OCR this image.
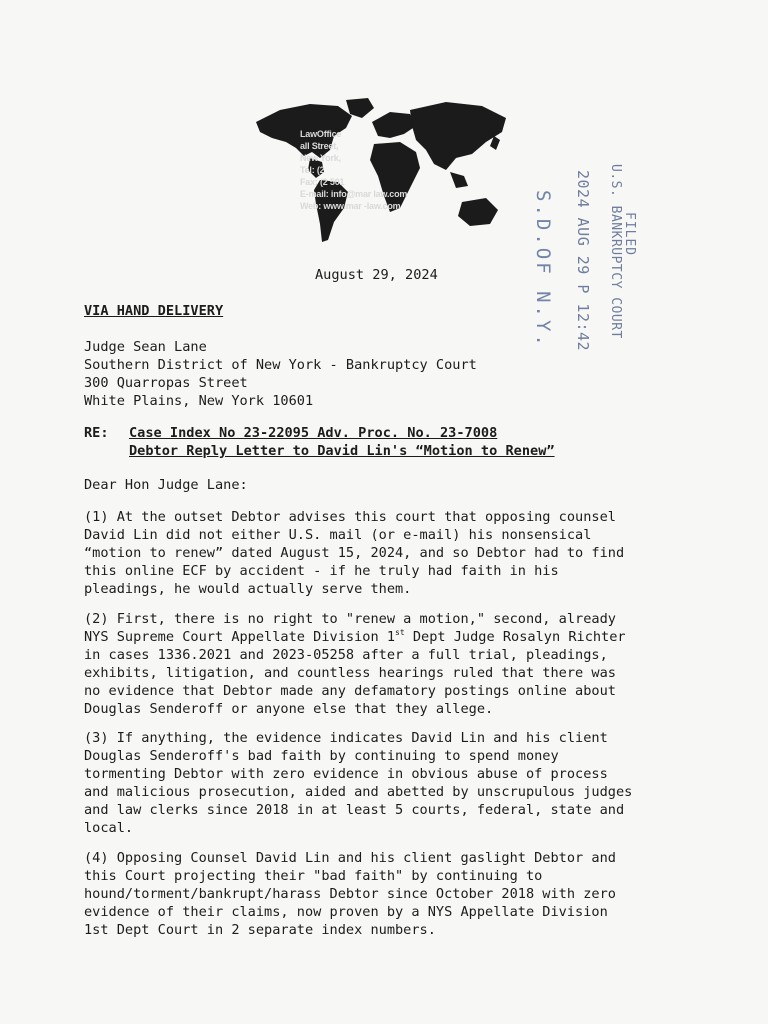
LawOffice
all Street,
New York,
Tel: (2
Fax: (2 501
E-mail: info@mar law.com
Web: www.mar -law.com
FILED
U.S. BANKRUPTCY COURT
2024 AUG 29 P 12:42
S.D.OF N.Y.
August 29, 2024
VIA HAND DELIVERY
Judge Sean Lane
Southern District of New York - Bankruptcy Court
300 Quarropas Street
White Plains, New York 10601
RE: Case Index No 23-22095 Adv. Proc. No. 23-7008
Debtor Reply Letter to David Lin's “Motion to Renew”
Dear Hon Judge Lane:
(1) At the outset Debtor advises this court that opposing counsel
David Lin did not either U.S. mail (or e-mail) his nonsensical
“motion to renew” dated August 15, 2024, and so Debtor had to find
this online ECF by accident - if he truly had faith in his
pleadings, he would actually serve them.
(2) First, there is no right to "renew a motion," second, already
NYS Supreme Court Appellate Division 1st Dept Judge Rosalyn Richter
in cases 1336.2021 and 2023-05258 after a full trial, pleadings,
exhibits, litigation, and countless hearings ruled that there was
no evidence that Debtor made any defamatory postings online about
Douglas Senderoff or anyone else that they allege.
(3) If anything, the evidence indicates David Lin and his client
Douglas Senderoff's bad faith by continuing to spend money
tormenting Debtor with zero evidence in obvious abuse of process
and malicious prosecution, aided and abetted by unscrupulous judges
and law clerks since 2018 in at least 5 courts, federal, state and
local.
(4) Opposing Counsel David Lin and his client gaslight Debtor and
this Court projecting their "bad faith" by continuing to
hound/torment/bankrupt/harass Debtor since October 2018 with zero
evidence of their claims, now proven by a NYS Appellate Division
1st Dept Court in 2 separate index numbers.
